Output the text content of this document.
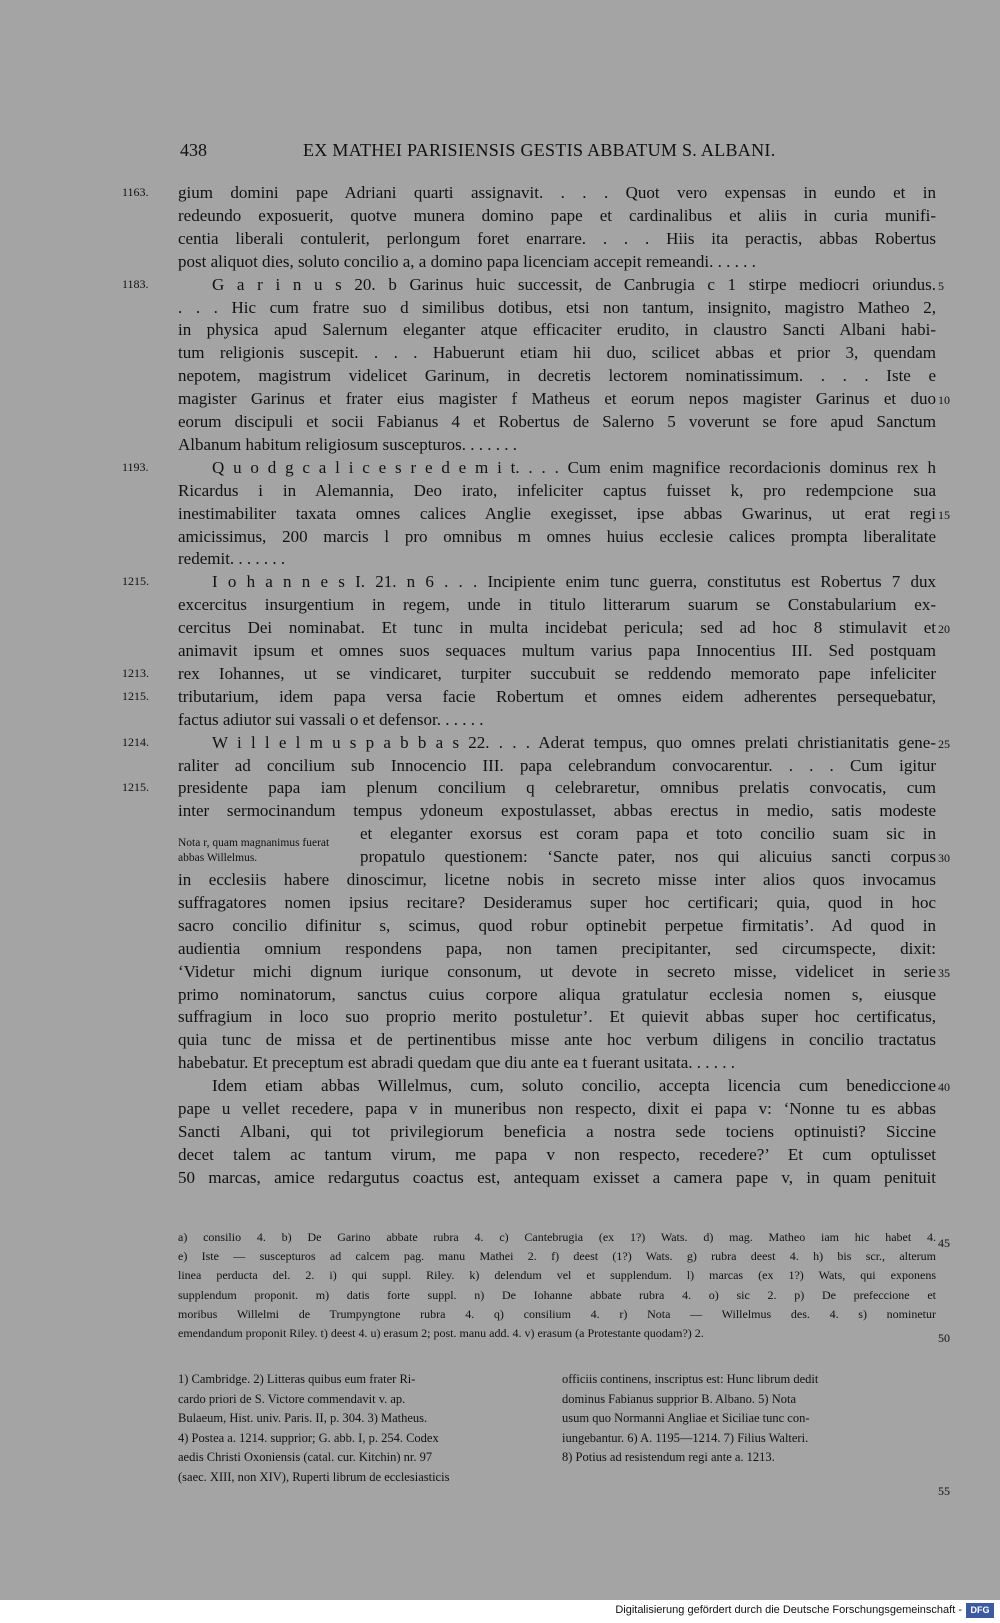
438	EX MATHEI PARISIENSIS GESTIS ABBATUM S. ALBANI.
1163.	gium domini pape Adriani quarti assignavit. . . . Quot vero expensas in eundo et in
redeundo exposuerit, quotve munera domino pape et cardinalibus et aliis in curia munifi-
centia liberali contulerit, perlongum foret enarrare. . . . Hiis ita peractis, abbas Robertus
post aliquot dies, soluto concilio a, a domino papa licenciam accepit remeandi. . . . . .
1183.	G a r i n u s 20. b Garinus huic successit, de Canbrugia c 1 stirpe mediocri oriundus. 5
. . . Hic cum fratre suo d similibus dotibus, etsi non tantum, insignito, magistro Matheo 2,
in physica apud Salernum eleganter atque efficaciter erudito, in claustro Sancti Albani habi-
tum religionis suscepit. . . . Habuerunt etiam hii duo, scilicet abbas et prior 3, quendam
nepotem, magistrum videlicet Garinum, in decretis lectorem nominatissimum. . . . Iste e
magister Garinus et frater eius magister f Matheus et eorum nepos magister Garinus et duo 10
eorum discipuli et socii Fabianus 4 et Robertus de Salerno 5 voverunt se fore apud Sanctum
Albanum habitum religiosum suscepturos. . . . . . .
1193.	Q u o d g c a l i c e s r e d e m i t. . . . Cum enim magnifice recordacionis dominus rex h
Ricardus i in Alemannia, Deo irato, infeliciter captus fuisset k, pro redempcione sua
inestimabiliter taxata omnes calices Anglie exegisset, ipse abbas Gwarinus, ut erat regi 15
amicissimus, 200 marcis l pro omnibus m omnes huius ecclesie calices prompta liberalitate
redemit. . . . . . .
1215.	I o h a n n e s I. 21. n 6 . . . Incipiente enim tunc guerra, constitutus est Robertus 7 dux
excercitus insurgentium in regem, unde in titulo litterarum suarum se Constabularium ex-
cercitus Dei nominabat. Et tunc in multa incidebat pericula; sed ad hoc 8 stimulavit et 20
animavit ipsum et omnes suos sequaces multum varius papa Innocentius III. Sed postquam
1213.	rex Iohannes, ut se vindicaret, turpiter succubuit se reddendo memorato pape infeliciter
1215.	tributarium, idem papa versa facie Robertum et omnes eidem adherentes persequebatur,
factus adiutor sui vassali o et defensor. . . . . .
1214.	W i l l e l m u s p a b b a s 22. . . . Aderat tempus, quo omnes prelati christianitatis gene- 25
raliter ad concilium sub Innocencio III. papa celebrandum convocarentur. . . . Cum igitur
1215.	presidente papa iam plenum concilium q celebraretur, omnibus prelatis convocatis, cum
inter sermocinandum tempus ydoneum expostulasset, abbas erectus in medio, satis modeste
et eleganter exorsus est coram papa et toto concilio suam sic in
propatulo questionem: ‘Sancte pater, nos qui alicuius sancti corpus 30
in ecclesiis habere dinoscimur, licetne nobis in secreto misse inter alios quos invocamus
suffragatores nomen ipsius recitare? Desideramus super hoc certificari; quia, quod in hoc
sacro concilio difinitur s, scimus, quod robur optinebit perpetue firmitatis’. Ad quod in
audientia omnium respondens papa, non tamen precipitanter, sed circumspecte, dixit:
‘Videtur michi dignum iurique consonum, ut devote in secreto misse, videlicet in serie 35
primo nominatorum, sanctus cuius corpore aliqua gratulatur ecclesia nomen s, eiusque
suffragium in loco suo proprio merito postuletur’. Et quievit abbas super hoc certificatus,
quia tunc de missa et de pertinentibus misse ante hoc verbum diligens in concilio tractatus
habebatur. Et preceptum est abradi quedam que diu ante ea t fuerant usitata. . . . . .
Idem etiam abbas Willelmus, cum, soluto concilio, accepta licencia cum benediccione 40
pape u vellet recedere, papa v in muneribus non respecto, dixit ei papa v: ‘Nonne tu es abbas
Sancti Albani, qui tot privilegiorum beneficia a nostra sede tociens optinuisti? Siccine
decet talem ac tantum virum, me papa v non respecto, recedere?’ Et cum optulisset
50 marcas, amice redargutus coactus est, antequam exisset a camera pape v, in quam penituit
Nota r, quam magnanimus fuerat abbas Willelmus.
a) consilio 4. b) De Garino abbate rubra 4. c) Cantebrugia (ex 1?) Wats. d) mag. Matheo iam hic habet 4.
e) Iste — suscepturos ad calcem pag. manu Mathei 2. f) deest (1?) Wats. g) rubra deest 4. h) bis scr., alterum
linea perducta del. 2. i) qui suppl. Riley. k) delendum vel et supplendum. l) marcas (ex 1?) Wats, qui exponens
supplendum proponit. m) datis forte suppl. n) De Iohanne abbate rubra 4. o) sic 2. p) De prefeccione et
moribus Willelmi de Trumpyngtone rubra 4. q) consilium 4. r) Nota — Willelmus des. 4. s) nominetur
emendandum proponit Riley. t) deest 4. u) erasum 2; post. manu add. 4. v) erasum (a Protestante quodam?) 2.
45
50
1) Cambridge. 2) Litteras quibus eum frater Ri-
cardo priori de S. Victore commendavit v. ap.
Bulaeum, Hist. univ. Paris. II, p. 304. 3) Matheus.
4) Postea a. 1214. supprior; G. abb. I, p. 254. Codex
aedis Christi Oxoniensis (catal. cur. Kitchin) nr. 97
(saec. XIII, non XIV), Ruperti librum de ecclesiasticis
officiis continens, inscriptus est: Hunc librum dedit
dominus Fabianus supprior B. Albano. 5) Nota
usum quo Normanni Angliae et Siciliae tunc con-
iungebantur. 6) A. 1195—1214. 7) Filius Walteri.
8) Potius ad resistendum regi ante a. 1213.
55
Digitalisierung gefördert durch die Deutsche Forschungsgemeinschaft - DFG
